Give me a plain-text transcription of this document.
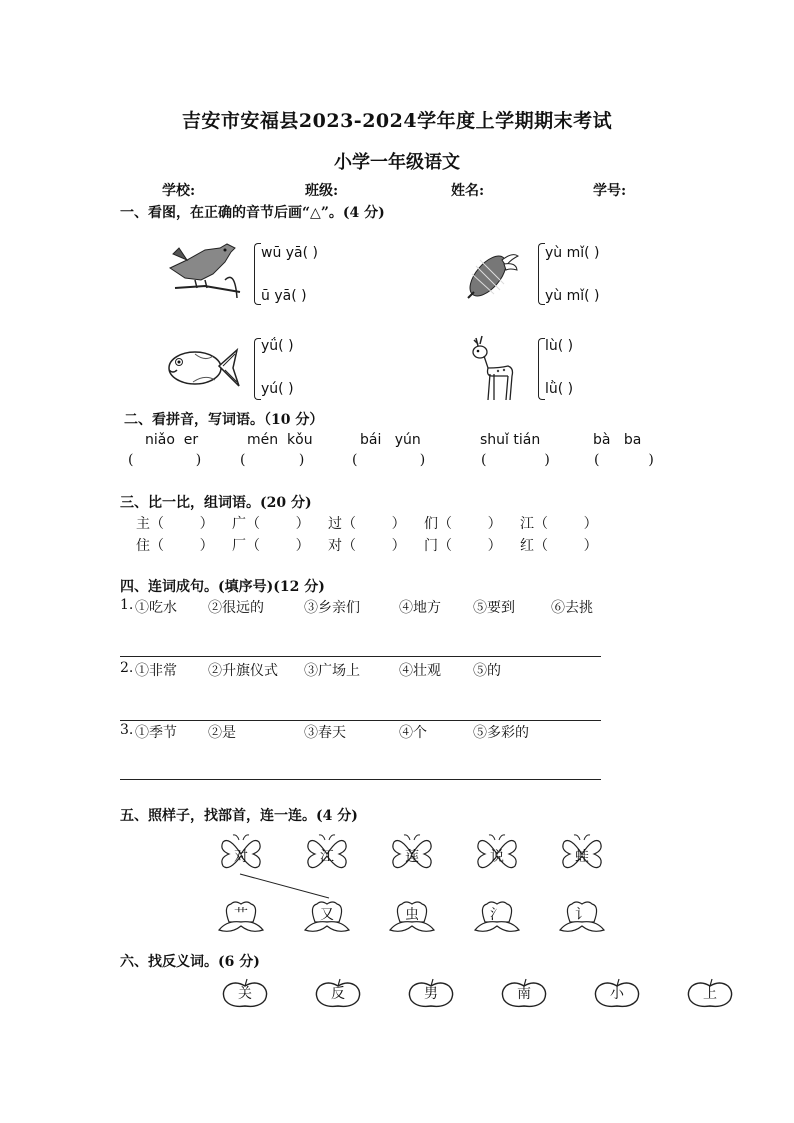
吉安市安福县2023-2024学年度上学期期末考试
小学一年级语文
学校:	班级:	姓名:	学号:
一、看图，在正确的音节后画“△”。(4 分)
wū yā( )
ū yā( )
yù mǐ( )
yù mǐ( )
yǘ( )
yú( )
lù( )
lǜ( )
二、看拼音，写词语。（10 分）
niǎo  er	mén  kǒu	bái   yún	shuǐ tián	bà   ba
(              )	(            )	(              )	(             )	(           )
三、比一比，组词语。(20 分)
主（        ） 广（        ） 过（        ） 们（        ） 江（        ）
住（        ） 厂（        ） 对（        ） 门（        ） 红（        ）
四、连词成句。(填序号)(12 分)
1. ①吃水 ②很远的	③乡亲们	④地方 ⑤要到	⑥去挑
2. ①非常 ②升旗仪式 ③广场上	④壮观 ⑤的
3. ①季节 ②是	③春天	④个	⑤多彩的
五、照样子，找部首，连一连。(4 分)
对	江	莲	说	蛙
艹	又	虫	氵	讠
关	反	男	南	小	上
六、找反义词。(6 分)
